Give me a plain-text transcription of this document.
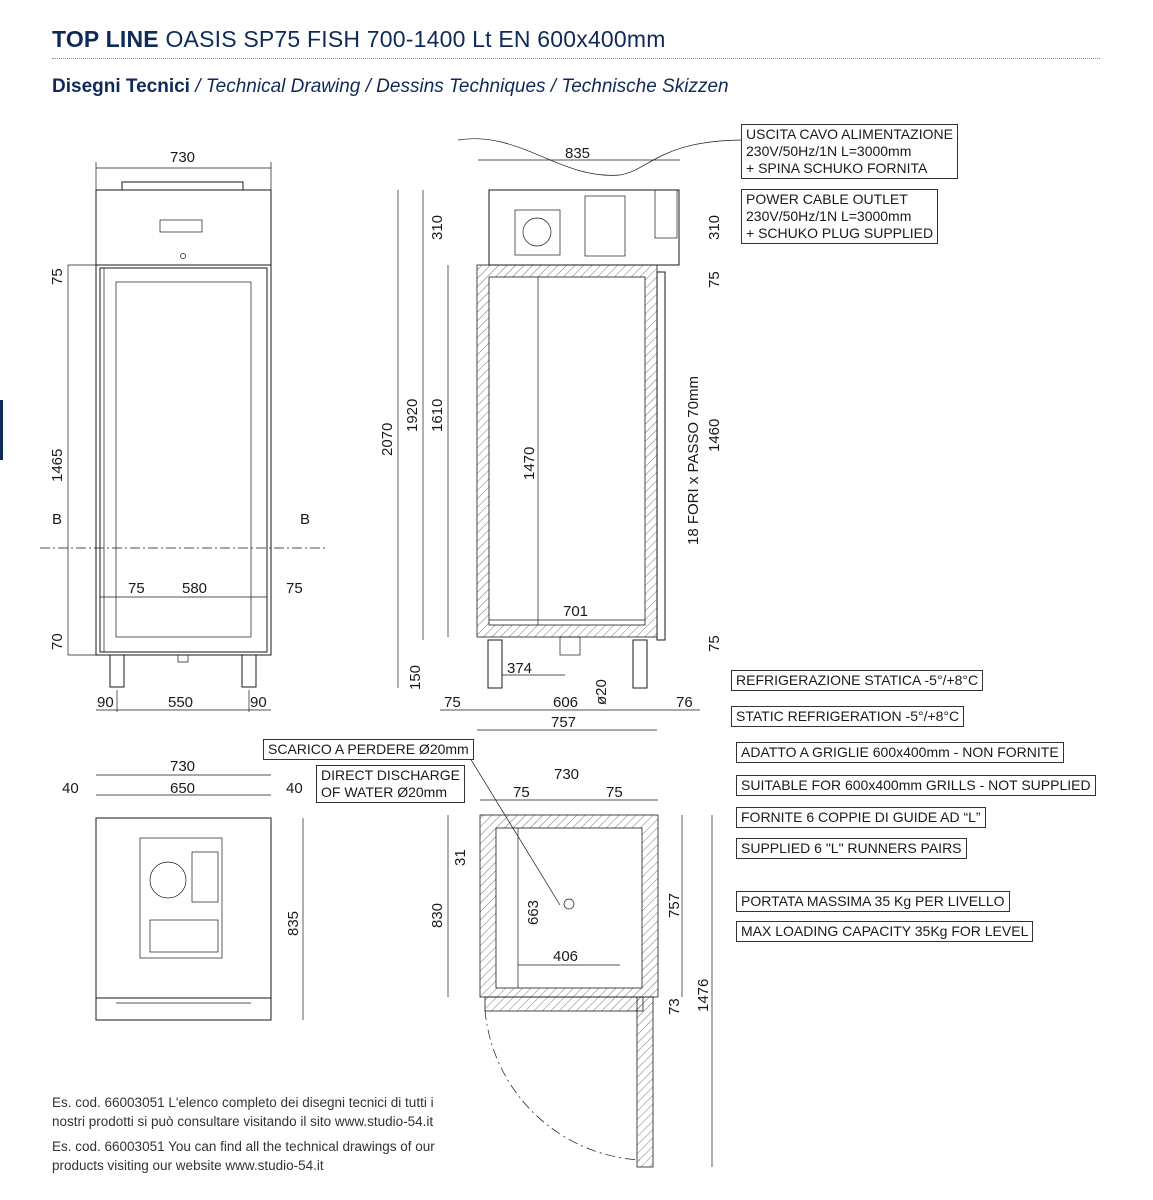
TOP LINE OASIS SP75 FISH 700-1400 Lt EN 600x400mm
Disegni Tecnici / Technical Drawing / Dessins Techniques / Technische Skizzen
730
75
1465
70
B	B
75 580	75
90	550	90
835
2070
1920 1610
310	310
1470
150
75
75
1460
18 FORI x PASSO 70mm
701
374
ø20
75	606	76
757
730
40	650	40
835
730
75	75
31
830	663
406
757
73 1476
USCITA CAVO ALIMENTAZIONE
230V/50Hz/1N L=3000mm
+ SPINA SCHUKO FORNITA
POWER CABLE OUTLET
230V/50Hz/1N L=3000mm
+ SCHUKO PLUG SUPPLIED
SCARICO A PERDERE Ø20mm
DIRECT DISCHARGE
OF WATER Ø20mm
REFRIGERAZIONE STATICA -5°/+8°C
STATIC REFRIGERATION -5°/+8°C
ADATTO A GRIGLIE 600x400mm - NON FORNITE
SUITABLE FOR 600x400mm GRILLS - NOT SUPPLIED
FORNITE 6 COPPIE DI GUIDE AD “L”
SUPPLIED 6 "L" RUNNERS PAIRS
PORTATA MASSIMA 35 Kg PER LIVELLO
MAX LOADING CAPACITY 35Kg FOR LEVEL
Es. cod. 66003051 L'elenco completo dei disegni tecnici di tutti i
nostri prodotti si può consultare visitando il sito www.studio-54.it
Es. cod. 66003051 You can find all the technical drawings of our
products visiting our website www.studio-54.it
